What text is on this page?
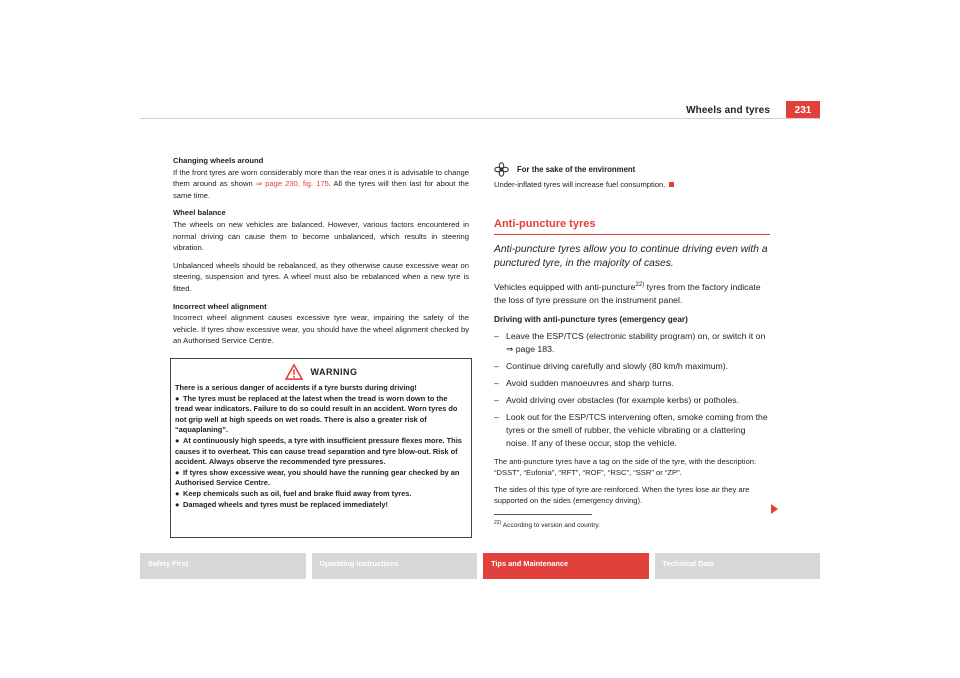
Wheels and tyres	231

Changing wheels around

If the front tyres are worn considerably more than the rear ones it is advisable to change them around as shown ⇒ page 230, fig. 175. All the tyres will then last for about the same time.

Wheel balance

The wheels on new vehicles are balanced. However, various factors encountered in normal driving can cause them to become unbalanced, which results in steering vibration.

Unbalanced wheels should be rebalanced, as they otherwise cause excessive wear on steering, suspension and tyres. A wheel must also be rebalanced when a new tyre is fitted.

Incorrect wheel alignment

Incorrect wheel alignment causes excessive tyre wear, impairing the safety of the vehicle. If tyres show excessive wear, you should have the wheel alignment checked by an Authorised Service Centre.

WARNING

There is a serious danger of accidents if a tyre bursts during driving!

● The tyres must be replaced at the latest when the tread is worn down to the tread wear indicators. Failure to do so could result in an accident. Worn tyres do not grip well at high speeds on wet roads. There is also a greater risk of “aquaplaning”.

● At continuously high speeds, a tyre with insufficient pressure flexes more. This causes it to overheat. This can cause tread separation and tyre blow-out. Risk of accident. Always observe the recommended tyre pressures.

● If tyres show excessive wear, you should have the running gear checked by an Authorised Service Centre.

● Keep chemicals such as oil, fuel and brake fluid away from tyres.

● Damaged wheels and tyres must be replaced immediately!

For the sake of the environment
Under-inflated tyres will increase fuel consumption.
Anti-puncture tyres
Anti-puncture tyres allow you to continue driving even with a punctured tyre, in the majority of cases.

Vehicles equipped with anti-puncture$^{22)}$ tyres from the factory indicate the loss of tyre pressure on the instrument panel.

Driving with anti-puncture tyres (emergency gear)

– Leave the ESP/TCS (electronic stability program) on, or switch it on ⇒ page 183.
– Continue driving carefully and slowly (80 km/h maximum).
– Avoid sudden manoeuvres and sharp turns.
– Avoid driving over obstacles (for example kerbs) or potholes.
– Look out for the ESP/TCS intervening often, smoke coming from the tyres or the smell of rubber, the vehicle vibrating or a clattering noise. If any of these occur, stop the vehicle.

The anti-puncture tyres have a tag on the side of the tyre, with the description: “DSST”, “Eufonia”, “RFT”, “ROF”, “RSC”, “SSR” or “ZP”.

The sides of this type of tyre are reinforced. When the tyres lose air they are supported on the sides (emergency driving).

$^{22)}$ According to version and country.
Safety First	Operating instructions	Tips and Maintenance	Technical Data
